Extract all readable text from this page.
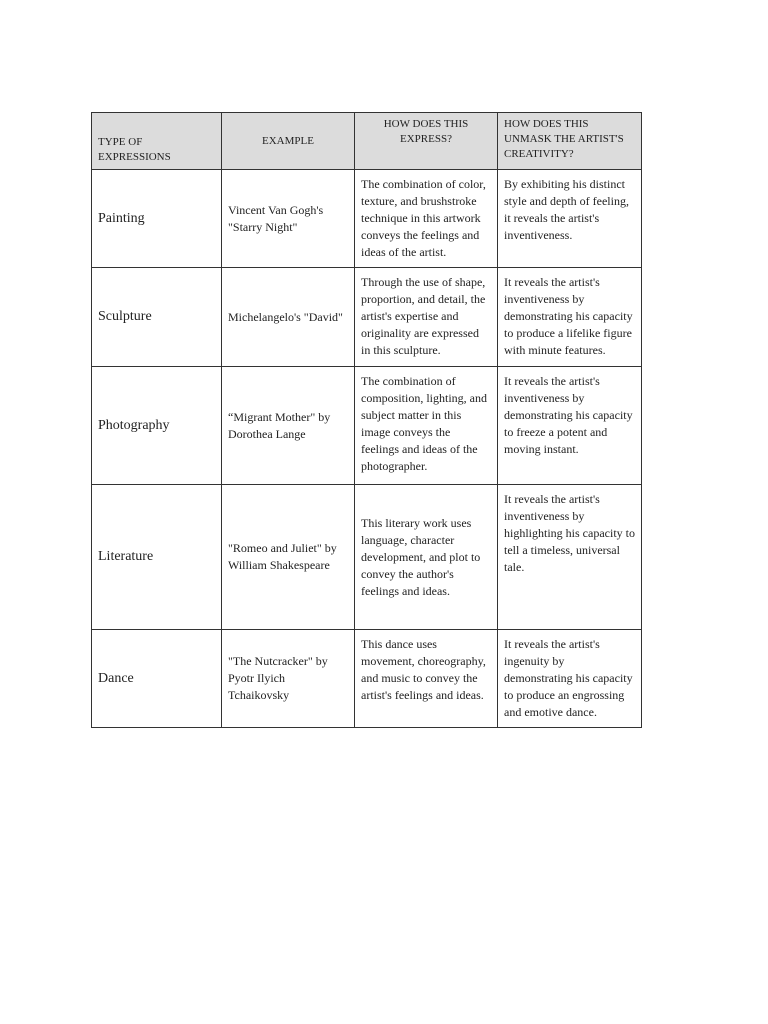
TYPE OF EXPRESSIONS	EXAMPLE	HOW DOES THIS EXPRESS?	HOW DOES THIS UNMASK THE ARTIST'S CREATIVITY?
Painting	Vincent Van Gogh's "Starry Night"	The combination of color, texture, and brushstroke technique in this artwork conveys the feelings and ideas of the artist.	By exhibiting his distinct style and depth of feeling, it reveals the artist's inventiveness.
Sculpture	Michelangelo's "David"	Through the use of shape, proportion, and detail, the artist's expertise and originality are expressed in this sculpture.	It reveals the artist's inventiveness by demonstrating his capacity to produce a lifelike figure with minute features.
Photography	“Migrant Mother" by Dorothea Lange	The combination of composition, lighting, and subject matter in this image conveys the feelings and ideas of the photographer.	It reveals the artist's inventiveness by demonstrating his capacity to freeze a potent and moving instant.
Literature	"Romeo and Juliet" by William Shakespeare	This literary work uses language, character development, and plot to convey the author's feelings and ideas.	It reveals the artist's inventiveness by highlighting his capacity to tell a timeless, universal tale.
Dance	"The Nutcracker" by Pyotr Ilyich Tchaikovsky	This dance uses movement, choreography, and music to convey the artist's feelings and ideas.	It reveals the artist's ingenuity by demonstrating his capacity to produce an engrossing and emotive dance.
